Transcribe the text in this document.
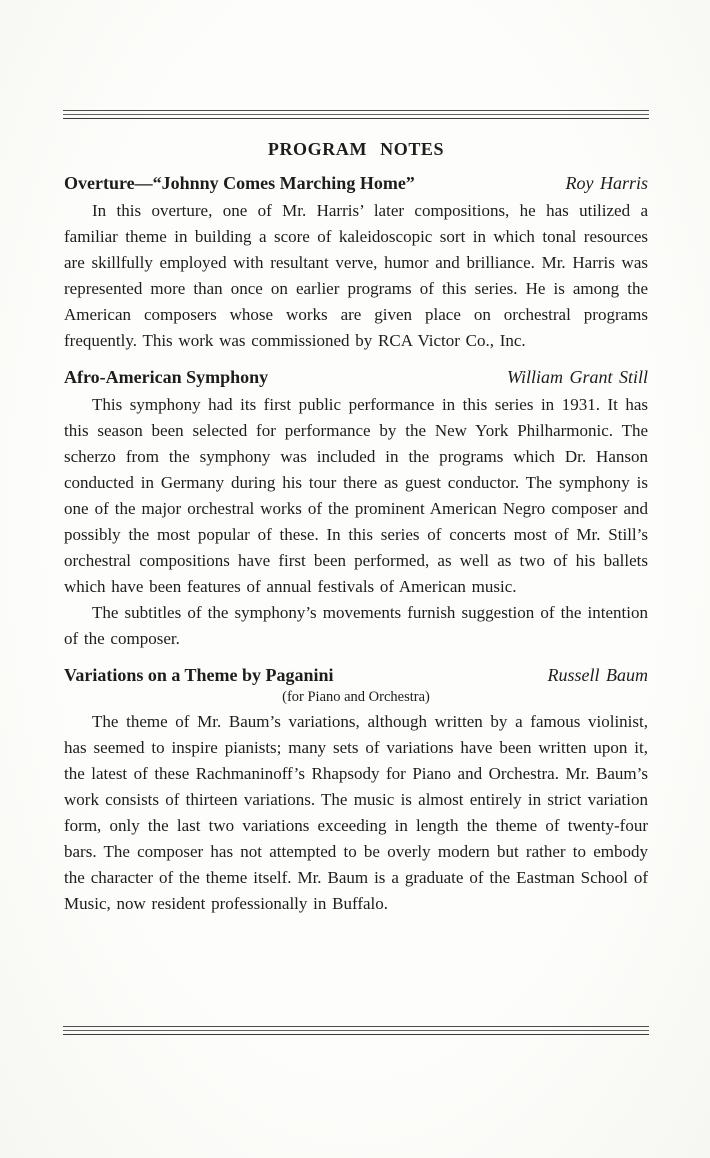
PROGRAM NOTES
Overture—“Johnny Comes Marching Home”	Roy Harris

In this overture, one of Mr. Harris’ later compositions, he has utilized a familiar theme in building a score of kaleidoscopic sort in which tonal resources are skillfully employed with resultant verve, humor and brilliance. Mr. Harris was represented more than once on earlier programs of this series. He is among the American composers whose works are given place on orchestral programs frequently. This work was commissioned by RCA Victor Co., Inc.

Afro-American Symphony	William Grant Still

This symphony had its first public performance in this series in 1931. It has this season been selected for performance by the New York Philharmonic. The scherzo from the symphony was included in the programs which Dr. Hanson conducted in Germany during his tour there as guest conductor. The symphony is one of the major orchestral works of the prominent American Negro composer and possibly the most popular of these. In this series of concerts most of Mr. Still’s orchestral compositions have first been performed, as well as two of his ballets which have been features of annual festivals of American music.

The subtitles of the symphony’s movements furnish suggestion of the intention of the composer.

Variations on a Theme by Paganini	Russell Baum
(for Piano and Orchestra)

The theme of Mr. Baum’s variations, although written by a famous violinist, has seemed to inspire pianists; many sets of variations have been written upon it, the latest of these Rachmaninoff’s Rhapsody for Piano and Orchestra. Mr. Baum’s work consists of thirteen variations. The music is almost entirely in strict variation form, only the last two variations exceeding in length the theme of twenty-four bars. The composer has not attempted to be overly modern but rather to embody the character of the theme itself. Mr. Baum is a graduate of the Eastman School of Music, now resident professionally in Buffalo.
